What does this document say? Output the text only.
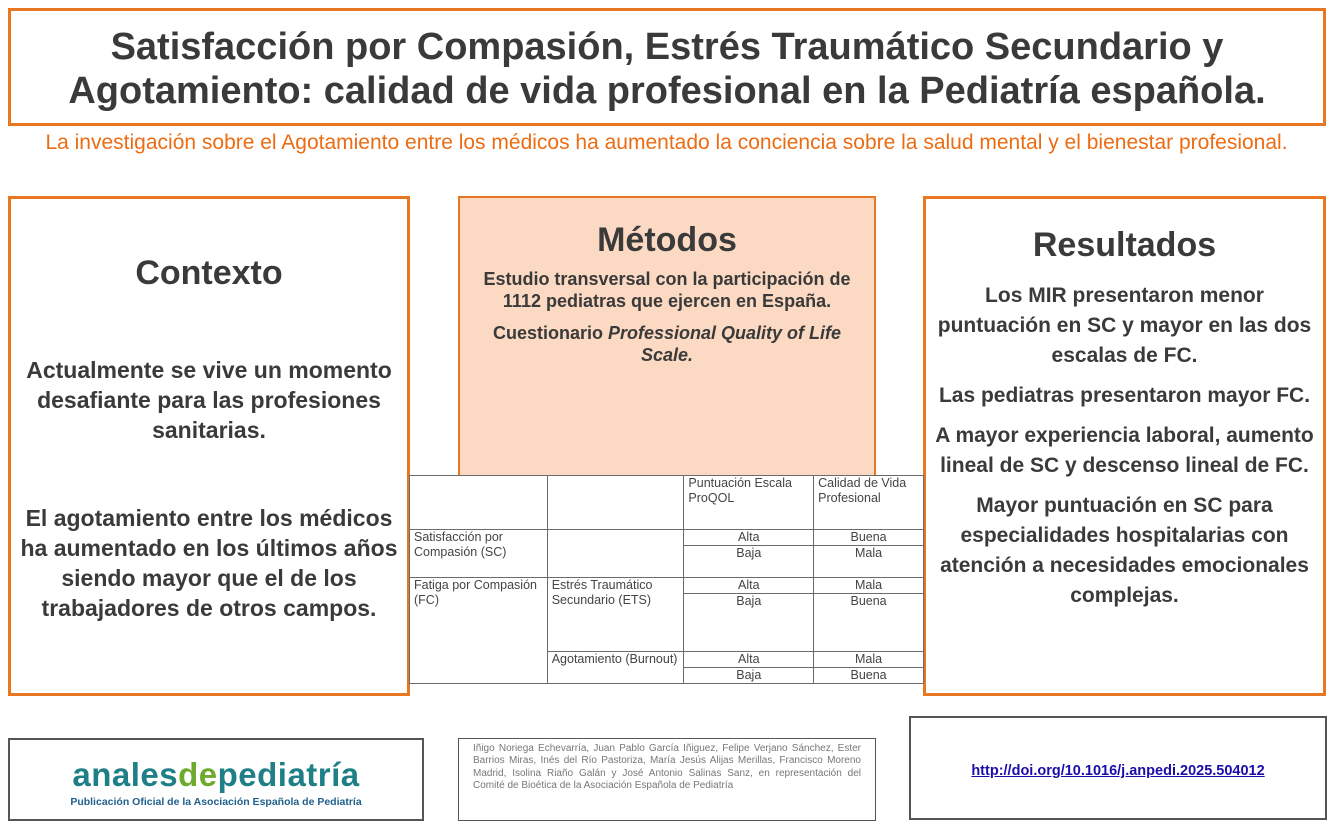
Satisfacción por Compasión, Estrés Traumático Secundario y
Agotamiento: calidad de vida profesional en la Pediatría española.
La investigación sobre el Agotamiento entre los médicos ha aumentado la conciencia sobre la salud mental y el bienestar profesional.
Contexto

Actualmente se vive un momento desafiante para las profesiones sanitarias.

El agotamiento entre los médicos ha aumentado en los últimos años siendo mayor que el de los trabajadores de otros campos.

Métodos

Estudio transversal con la participación de 1112 pediatras que ejercen en España.

Cuestionario Professional Quality of Life Scale.

Resultados

Los MIR presentaron menor puntuación en SC y mayor en las dos escalas de FC.

Las pediatras presentaron mayor FC.

A mayor experiencia laboral, aumento lineal de SC y descenso lineal de FC.

Mayor puntuación en SC para especialidades hospitalarias con atención a necesidades emocionales complejas.

		Puntuación Escala ProQOL	Calidad de Vida Profesional
Satisfacción por Compasión (SC)		Alta	Buena
		Baja	Mala
Fatiga por Compasión (FC)	Estrés Traumático Secundario (ETS)	Alta	Mala
		Baja	Buena
	Agotamiento (Burnout)	Alta	Mala
		Baja	Buena
analesdepediatría
Publicación Oficial de la Asociación Española de Pediatría
Iñigo Noriega Echevarría, Juan Pablo García Iñiguez, Felipe Verjano Sánchez, Ester Barrios Miras, Inés del Río Pastoriza, María Jesús Alijas Merillas, Francisco Moreno Madrid, Isolina Riaño Galán y José Antonio Salinas Sanz, en representación del Comité de Bioética de la Asociación Española de Pediatría
http://doi.org/10.1016/j.anpedi.2025.504012
